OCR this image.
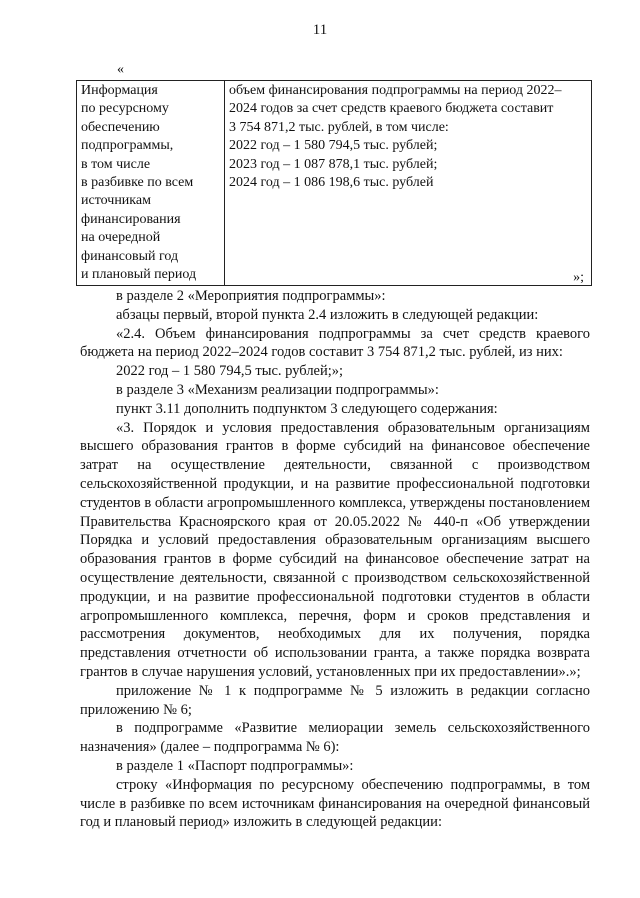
11
«
Информация
по ресурсному
обеспечению
подпрограммы,
в том числе
в разбивке по всем
источникам
финансирования
на очередной
финансовый год
и плановый период

объем финансирования подпрограммы на период 2022–
2024 годов за счет средств краевого бюджета составит
3 754 871,2 тыс. рублей, в том числе:
2022 год – 1 580 794,5 тыс. рублей;
2023 год – 1 087 878,1 тыс. рублей;
2024 год – 1 086 198,6 тыс. рублей
»;

в разделе 2 «Мероприятия подпрограммы»:

абзацы первый, второй пункта 2.4 изложить в следующей редакции:

«2.4. Объем финансирования подпрограммы за счет средств краевого бюджета на период 2022–2024 годов составит 3 754 871,2 тыс. рублей, из них:

2022 год – 1 580 794,5 тыс. рублей;»;

в разделе 3 «Механизм реализации подпрограммы»:

пункт 3.11 дополнить подпунктом 3 следующего содержания:

«3. Порядок и условия предоставления образовательным организациям высшего образования грантов в форме субсидий на финансовое обеспечение затрат на осуществление деятельности, связанной с производством сельскохозяйственной продукции, и на развитие профессиональной подготовки студентов в области агропромышленного комплекса, утверждены постановлением Правительства Красноярского края от 20.05.2022 № 440-п «Об утверждении Порядка и условий предоставления образовательным организациям высшего образования грантов в форме субсидий на финансовое обеспечение затрат на осуществление деятельности, связанной с производством сельскохозяйственной продукции, и на развитие профессиональной подготовки студентов в области агропромышленного комплекса, перечня, форм и сроков представления и рассмотрения документов, необходимых для их получения, порядка представления отчетности об использовании гранта, а также порядка возврата грантов в случае нарушения условий, установленных при их предоставлении».»;

приложение № 1 к подпрограмме № 5 изложить в редакции согласно приложению № 6;

в подпрограмме «Развитие мелиорации земель сельскохозяйственного назначения» (далее – подпрограмма № 6):

в разделе 1 «Паспорт подпрограммы»:

строку «Информация по ресурсному обеспечению подпрограммы, в том числе в разбивке по всем источникам финансирования на очередной финансовый год и плановый период» изложить в следующей редакции:
